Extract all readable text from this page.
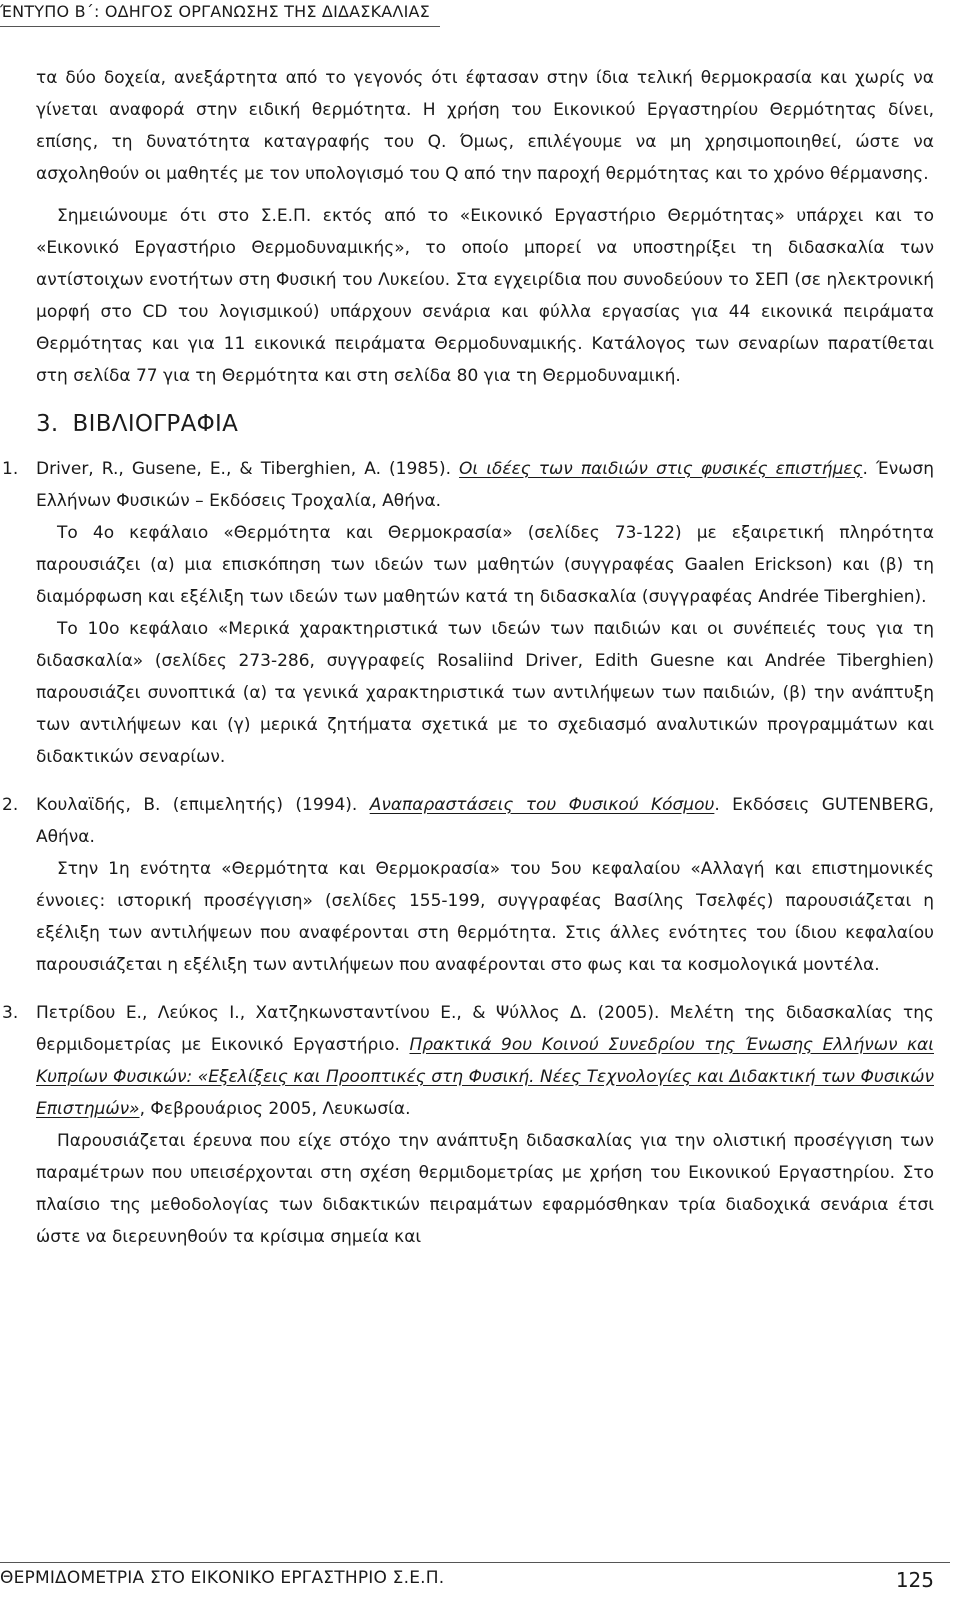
ΈΝΤΥΠΟ Β΄: ΟΔΗΓΟΣ ΟΡΓΑΝΩΣΗΣ ΤΗΣ ΔΙΔΑΣΚΑΛΙΑΣ

τα δύο δοχεία, ανεξάρτητα από το γεγονός ότι έφτασαν στην ίδια τελική θερμοκρασία και χωρίς να γίνεται αναφορά στην ειδική θερμότητα. Η χρήση του Εικονικού Εργαστηρίου Θερμότητας δίνει, επίσης, τη δυνατότητα καταγραφής του Q. Όμως, επιλέγουμε να μη χρησιμοποιηθεί, ώστε να ασχοληθούν οι μαθητές με τον υπολογισμό του Q από την παροχή θερμότητας και το χρόνο θέρμανσης.

Σημειώνουμε ότι στο Σ.Ε.Π. εκτός από το «Εικονικό Εργαστήριο Θερμότητας» υπάρχει και το «Εικονικό Εργαστήριο Θερμοδυναμικής», το οποίο μπορεί να υποστηρίξει τη διδασκαλία των αντίστοιχων ενοτήτων στη Φυσική του Λυκείου. Στα εγχειρίδια που συνοδεύουν το ΣΕΠ (σε ηλεκτρονική μορφή στο CD του λογισμικού) υπάρχουν σενάρια και φύλλα εργασίας για 44 εικονικά πειράματα Θερμότητας και για 11 εικονικά πειράματα Θερμοδυναμικής. Κατάλογος των σεναρίων παρατίθεται στη σελίδα 77 για τη Θερμότητα και στη σελίδα 80 για τη Θερμοδυναμική.

3. ΒΙΒΛΙΟΓΡΑΦΙΑ
1. Driver, R., Gusene, E., & Tiberghien, A. (1985). Οι ιδέες των παιδιών στις φυσικές επιστήμες. Ένωση Ελλήνων Φυσικών – Εκδόσεις Τροχαλία, Αθήνα.

Το 4ο κεφάλαιο «Θερμότητα και Θερμοκρασία» (σελίδες 73-122) με εξαιρετική πληρότητα παρουσιάζει (α) μια επισκόπηση των ιδεών των μαθητών (συγγραφέας Gaalen Erickson) και (β) τη διαμόρφωση και εξέλιξη των ιδεών των μαθητών κατά τη διδασκαλία (συγγραφέας Andrée Tiberghien).

Το 10ο κεφάλαιο «Μερικά χαρακτηριστικά των ιδεών των παιδιών και οι συνέπειές τους για τη διδασκαλία» (σελίδες 273-286, συγγραφείς Rosaliind Driver, Edith Guesne και Andrée Tiberghien) παρουσιάζει συνοπτικά (α) τα γενικά χαρακτηριστικά των αντιλήψεων των παιδιών, (β) την ανάπτυξη των αντιλήψεων και (γ) μερικά ζητήματα σχετικά με το σχεδιασμό αναλυτικών προγραμμάτων και διδακτικών σεναρίων.

2. Κουλαϊδής, Β. (επιμελητής) (1994). Αναπαραστάσεις του Φυσικού Κόσμου. Εκδόσεις GUTENBERG, Αθήνα.

Στην 1η ενότητα «Θερμότητα και Θερμοκρασία» του 5ου κεφαλαίου «Αλλαγή και επιστημονικές έννοιες: ιστορική προσέγγιση» (σελίδες 155-199, συγγραφέας Βασίλης Τσελφές) παρουσιάζεται η εξέλιξη των αντιλήψεων που αναφέρονται στη θερμότητα. Στις άλλες ενότητες του ίδιου κεφαλαίου παρουσιάζεται η εξέλιξη των αντιλήψεων που αναφέρονται στο φως και τα κοσμολογικά μοντέλα.

3. Πετρίδου Ε., Λεύκος Ι., Χατζηκωνσταντίνου Ε., & Ψύλλος Δ. (2005). Μελέτη της διδασκαλίας της θερμιδομετρίας με Εικονικό Εργαστήριο. Πρακτικά 9ου Κοινού Συνεδρίου της Ένωσης Ελλήνων και Κυπρίων Φυσικών: «Εξελίξεις και Προοπτικές στη Φυσική. Νέες Τεχνολογίες και Διδακτική των Φυσικών Επιστημών», Φεβρουάριος 2005, Λευκωσία.

Παρουσιάζεται έρευνα που είχε στόχο την ανάπτυξη διδασκαλίας για την ολιστική προσέγγιση των παραμέτρων που υπεισέρχονται στη σχέση θερμιδομετρίας με χρήση του Εικονικού Εργαστηρίου. Στο πλαίσιο της μεθοδολογίας των διδακτικών πειραμάτων εφαρμόσθηκαν τρία διαδοχικά σενάρια έτσι ώστε να διερευνηθούν τα κρίσιμα σημεία και

ΘΕΡΜΙΔΟΜΕΤΡΙΑ ΣΤΟ ΕΙΚΟΝΙΚΟ ΕΡΓΑΣΤΗΡΙΟ Σ.Ε.Π.	125
